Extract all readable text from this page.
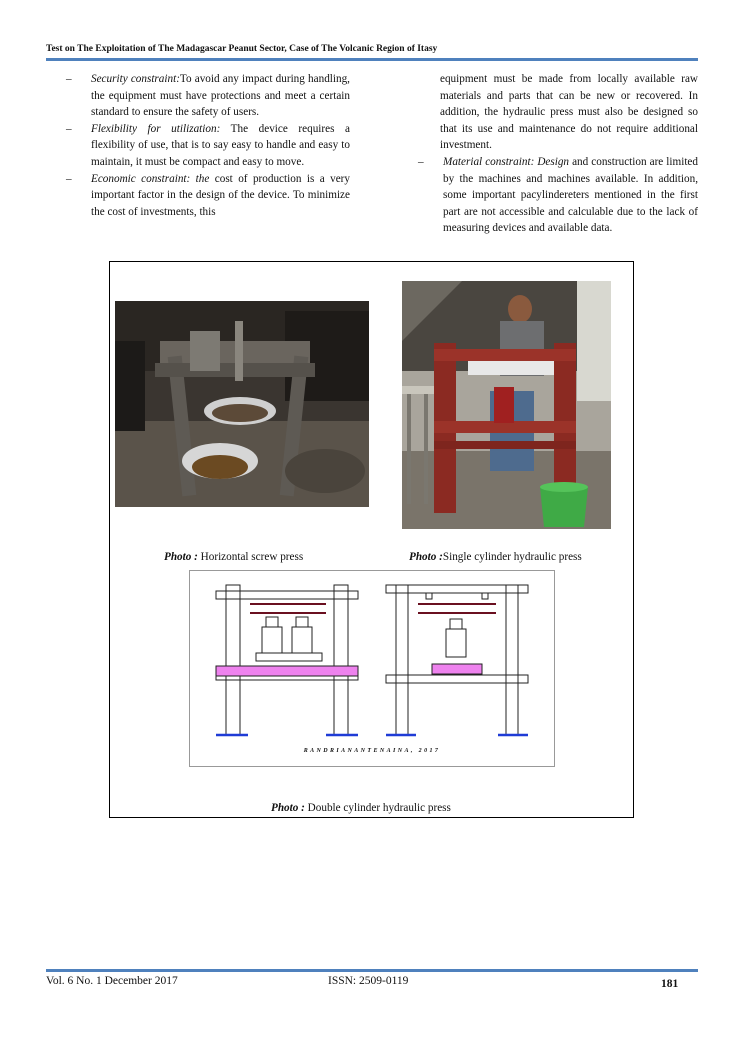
Test on The Exploitation of The Madagascar Peanut Sector, Case of The Volcanic Region of Itasy

– Security constraint:To avoid any impact during handling, the equipment must have protections and meet a certain standard to ensure the safety of users.

– Flexibility for utilization: The device requires a flexibility of use, that is to say easy to handle and easy to maintain, it must be compact and easy to move.

– Economic constraint: the cost of production is a very important factor in the design of the device. To minimize the cost of investments, this

equipment must be made from locally available raw materials and parts that can be new or recovered. In addition, the hydraulic press must also be designed so that its use and maintenance do not require additional investment.

– Material constraint: Design and construction are limited by the machines and machines available. In addition, some important pacylindereters mentioned in the first part are not accessible and calculable due to the lack of measuring devices and available data.

Photo : Horizontal screw press	Photo :Single cylinder hydraulic press
RANDRIANANTENAINA, 2017
Photo : Double cylinder hydraulic press
Vol. 6 No. 1 December 2017	ISSN: 2509-0119	181
